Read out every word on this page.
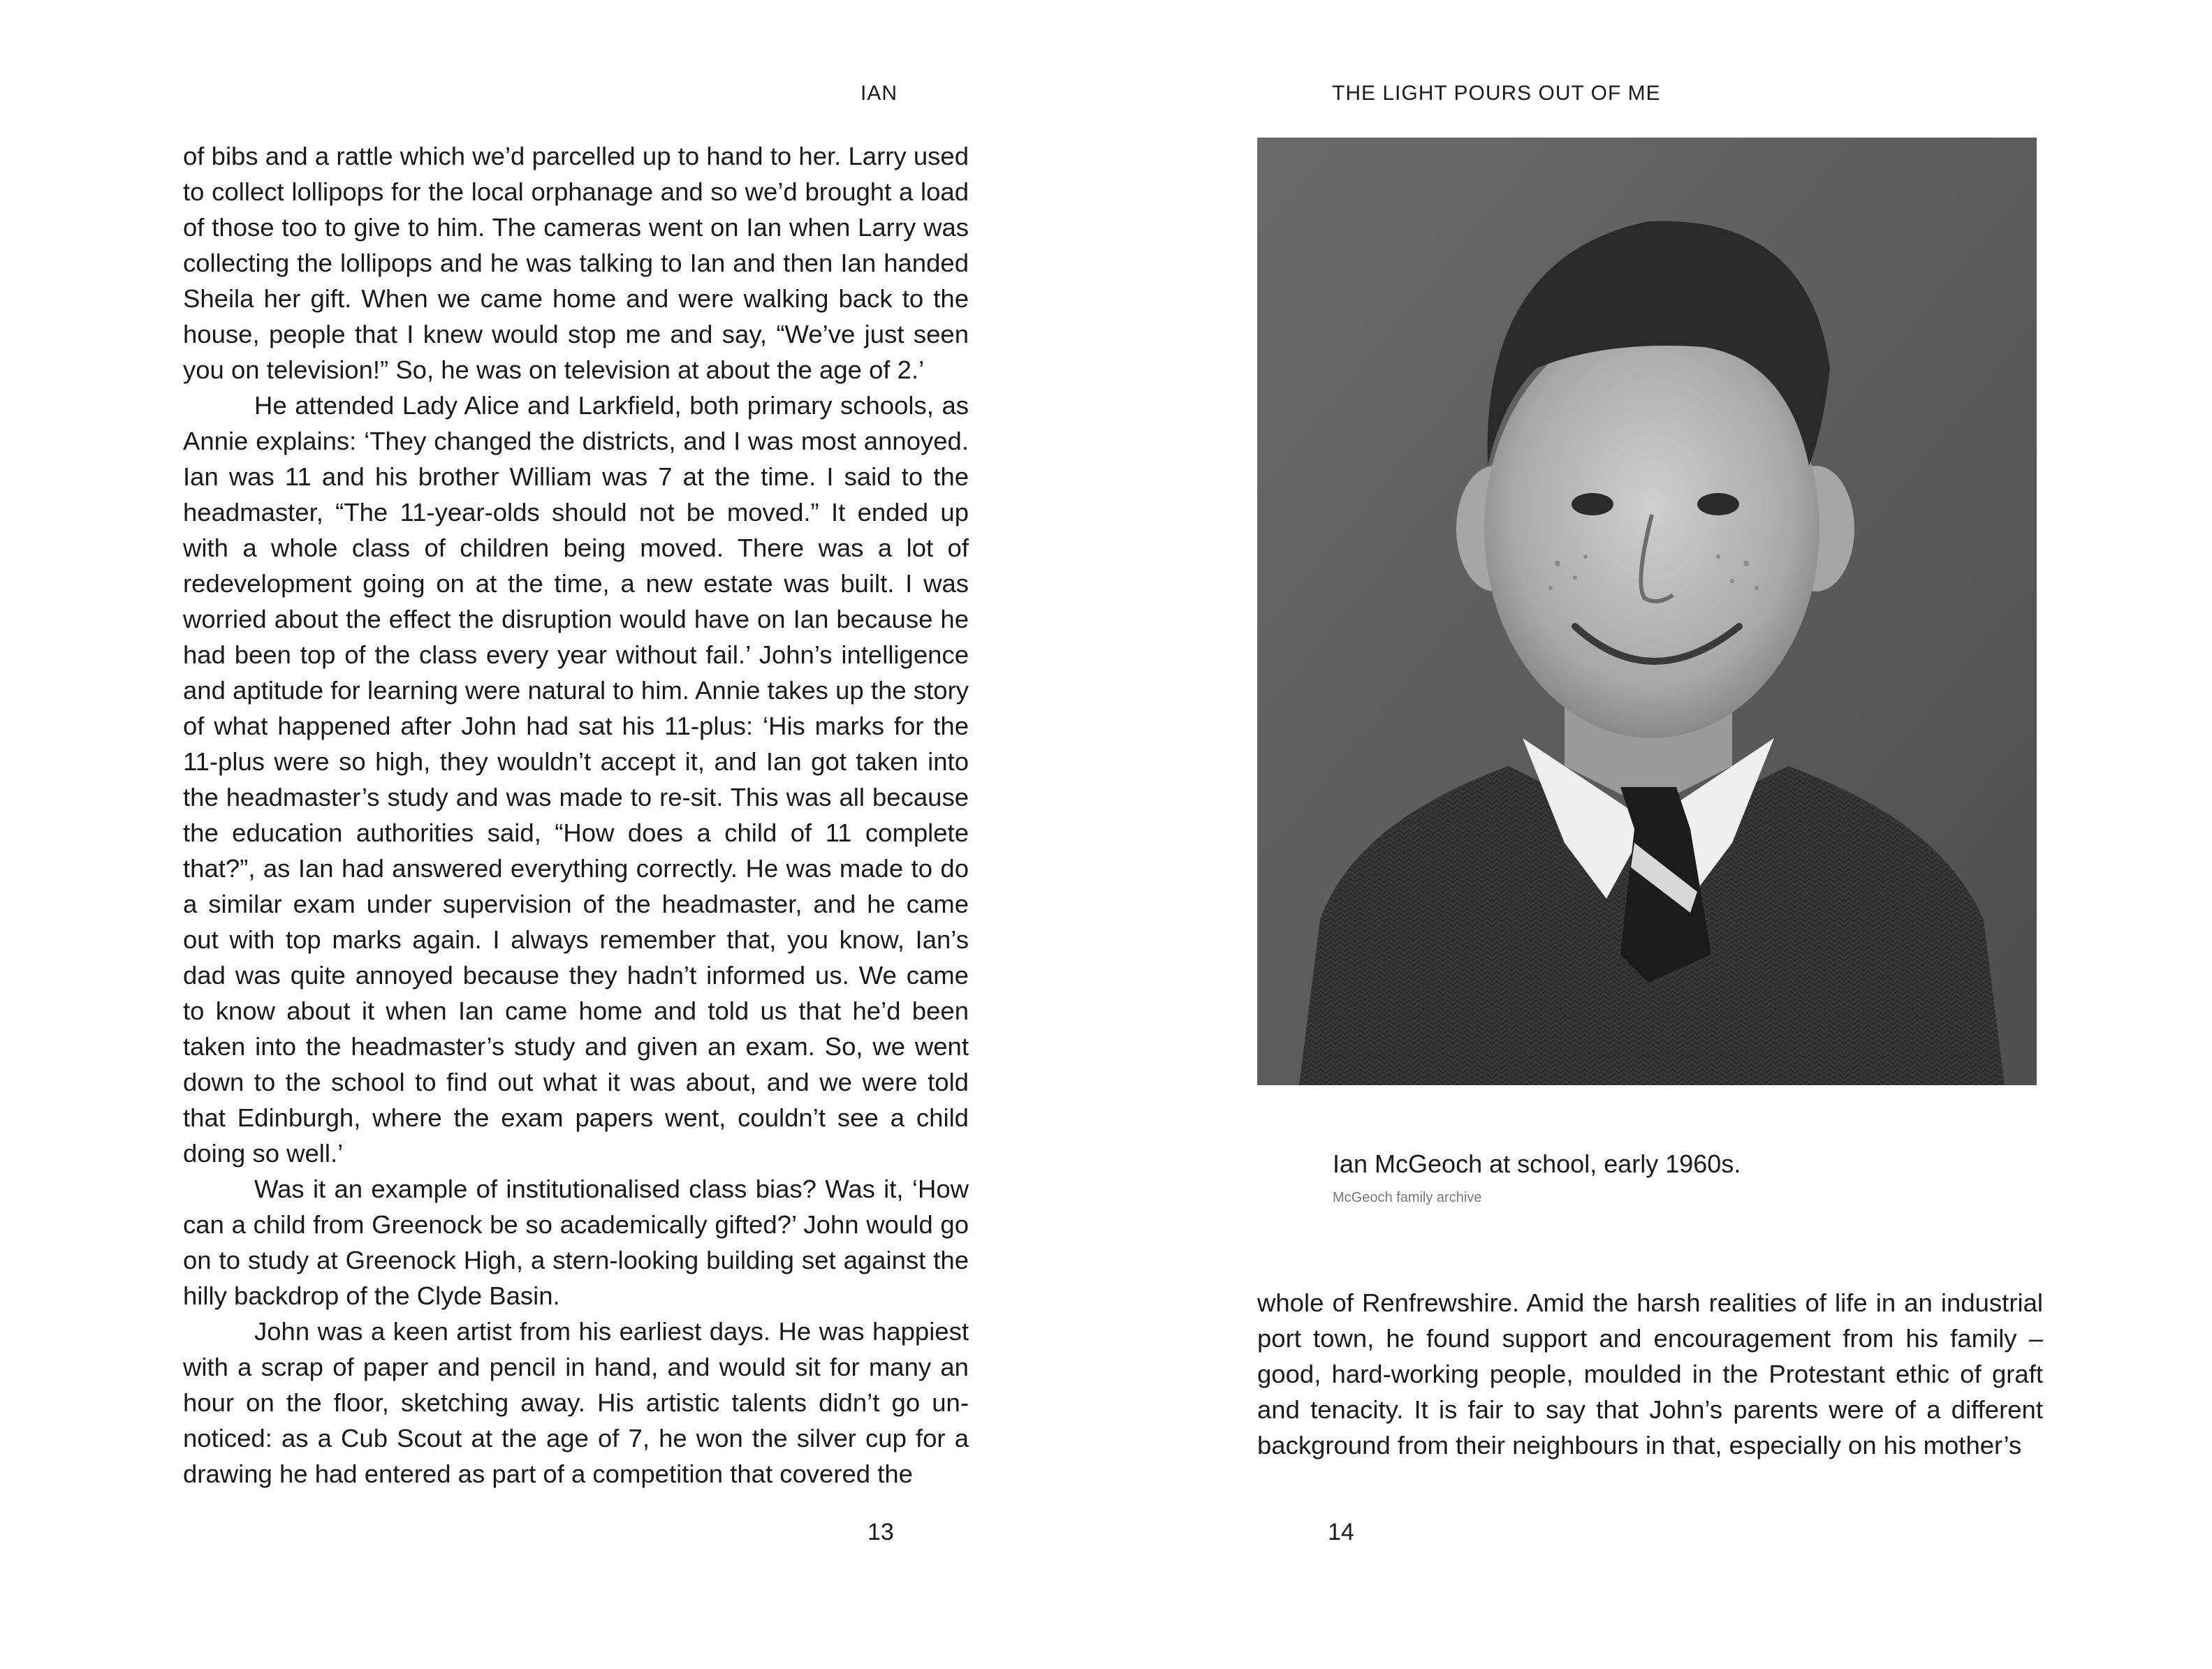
IAN

of bibs and a rattle which we’d parcelled up to hand to her. Larry used to collect lollipops for the local orphanage and so we’d brought a load of those too to give to him. The cameras went on Ian when Larry was collecting the lollipops and he was talking to Ian and then Ian handed Sheila her gift. When we came home and were walking back to the house, people that I knew would stop me and say, “We’ve just seen you on television!” So, he was on television at about the age of 2.’

He attended Lady Alice and Larkfield, both primary schools, as Annie explains: ‘They changed the districts, and I was most annoyed. Ian was 11 and his brother William was 7 at the time. I said to the headmaster, “The 11-year-olds should not be moved.” It ended up with a whole class of children being moved. There was a lot of redevelopment going on at the time, a new estate was built. I was worried about the effect the disruption would have on Ian because he had been top of the class every year without fail.’ John’s intelligence and aptitude for learning were natural to him. Annie takes up the story of what happened after John had sat his 11-plus: ‘His marks for the 11-plus were so high, they wouldn’t accept it, and Ian got taken into the headmaster’s study and was made to re-sit. This was all because the education authorities said, “How does a child of 11 complete that?”, as Ian had answered everything correctly. He was made to do a similar exam under supervision of the headmaster, and he came out with top marks again. I always remember that, you know, Ian’s dad was quite annoyed because they hadn’t informed us. We came to know about it when Ian came home and told us that he’d been taken into the headmaster’s study and given an exam. So, we went down to the school to find out what it was about, and we were told that Edinburgh, where the exam papers went, couldn’t see a child doing so well.’

Was it an example of institutionalised class bias? Was it, ‘How can a child from Greenock be so academically gifted?’ John would go on to study at Greenock High, a stern-looking building set against the hilly backdrop of the Clyde Basin.

John was a keen artist from his earliest days. He was happiest with a scrap of paper and pencil in hand, and would sit for many an hour on the floor, sketching away. His artistic talents didn’t go unnoticed: as a Cub Scout at the age of 7, he won the silver cup for a drawing he had entered as part of a competition that covered the

13
THE LIGHT POURS OUT OF ME
Ian McGeoch at school, early 1960s.
McGeoch family archive

whole of Renfrewshire. Amid the harsh realities of life in an industrial port town, he found support and encouragement from his family – good, hard-working people, moulded in the Protestant ethic of graft and tenacity. It is fair to say that John’s parents were of a different background from their neighbours in that, especially on his mother’s

14
